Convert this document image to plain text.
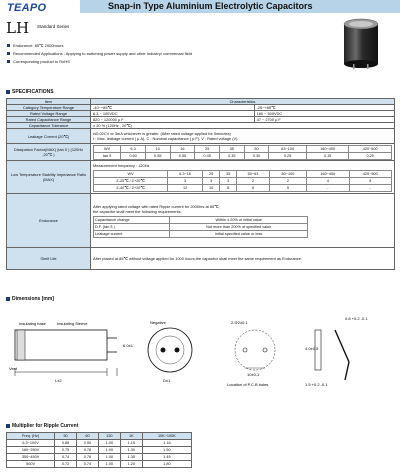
TEAPO	Snap-in Type Aluminium Electrolytic Capacitors
LH Standard Series
Endurance: 85℃ 2000hours
Recommended Applications : Applying to switching power supply and other industry/ commercial field
Corresponding product to RoHS
SPECIFICATIONS
Item	Characteristics
Category Temperature Range	-40~+85℃	-25~+85℃
Rated Voltage Range	6.3 ~ 100VDC	160 ~ 500VDC
Rated Capacitance Range	820 ~ 120000 μ F	47 ~ 2700 μ F
Capacitance Tolerance	± 20 % (120Hz , 20℃)
Leakage Current (20℃)	I≤0.02CV or 3mA whichever is greater. (After rated voltage applied for 5minutes)
I : Max. leakage current ( μ A), C : Nominal capacitance ( μ F), V : Rated voltage (V)

Dissipation Factor(MAX) (tan δ ) (120Hz ,20℃ )	
WV	6.3	10	16	25	35	50	63~100	160~400	420~500
tan δ	0.60	0.55	0.55	0.45	0.35	0.30	0.25	0.15	0.20

Low Temperature Stability Impedance Ratio (MAX)	
Measurement frequency : 120Hz
WV	6.3~16	25	35	50~63	80~100	160~400	420~500
Z-25℃ / Z+20℃	3	3	3	2	2	4	8
Z-40℃ / Z+20℃	12	10	8	6	5	-	-

Endurance	
After applying rated voltage with rated Ripple current for 2000hrs at 85℃,
the capacitor shall meet the following requirements.
Capacitance change	Within ± 20% of initial value
D.F. (tan δ )	Not more than 200% of specified value
Leakage current	initial specified value or less

Shelf Life	After placed at 85℃ without voltage applied for 1000 hours,the capacitor shall meet the same requirement as Endurance.
Dimensions [mm]
Insulating base	Insulating Sleeve
Vent
L±2
6.0±1
Negative
D±1
2-Φ2±0.1
10±0.1
Location of P.C.B holes
4.0±0.5
0.8 +0.2 -0.1
1.5 +0.2 -0.1
Multiplier for Ripple Current
Freq. (Hz)	50	60	120	1K	10K~100K
6.3~100V	0.88	0.90	1.00	1.15	1.16
160~250V	0.75	0.78	1.00	1.30	1.50
350~450V	0.74	0.76	1.00	1.35	1.45
500V	0.72	0.74	1.00	1.20	1.80
